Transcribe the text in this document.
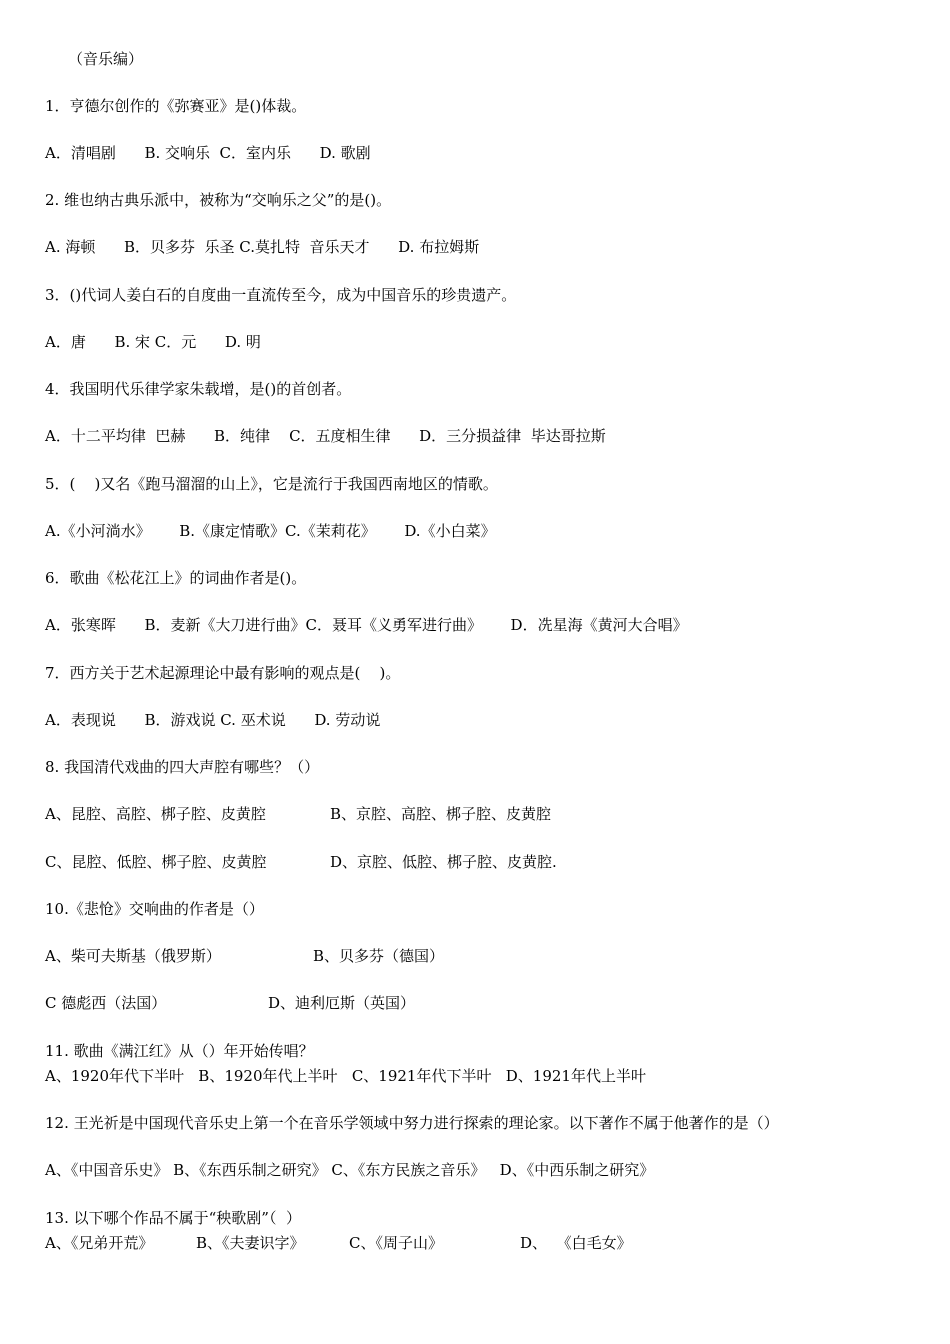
（音乐编）
1．亨德尔创作的《弥赛亚》是()体裁。
A．清唱剧      B. 交响乐  C．室内乐      D. 歌剧
2. 维也纳古典乐派中，被称为“交响乐之父”的是()。
A. 海顿      B．贝多芬  乐圣 C.莫扎特  音乐天才      D. 布拉姆斯
3．()代词人姜白石的自度曲一直流传至今，成为中国音乐的珍贵遗产。
A．唐      B. 宋 C．元      D. 明
4．我国明代乐律学家朱载增，是()的首创者。
A．十二平均律  巴赫      B．纯律    C．五度相生律      D．三分损益律  毕达哥拉斯
5．(    )又名《跑马溜溜的山上》，它是流行于我国西南地区的情歌。
A.《小河淌水》      B.《康定情歌》C.《茉莉花》      D.《小白菜》
6．歌曲《松花江上》的词曲作者是()。
A．张寒晖      B．麦新《大刀进行曲》C．聂耳《义勇军进行曲》      D．冼星海《黄河大合唱》
7．西方关于艺术起源理论中最有影响的观点是(    )。
A．表现说      B．游戏说 C. 巫术说      D. 劳动说
8. 我国清代戏曲的四大声腔有哪些？（）
A、昆腔、高腔、梆子腔、皮黄腔	B、京腔、高腔、梆子腔、皮黄腔
C、昆腔、低腔、梆子腔、皮黄腔	D、京腔、低腔、梆子腔、皮黄腔.
10.《悲怆》交响曲的作者是（）
A、柴可夫斯基（俄罗斯）	B、贝多芬（德国）
C 德彪西（法国）	D、迪利厄斯（英国）
11. 歌曲《满江红》从（）年开始传唱？
A、1920年代下半叶   B、1920年代上半叶   C、1921年代下半叶   D、1921年代上半叶
12. 王光祈是中国现代音乐史上第一个在音乐学领域中努力进行探索的理论家。以下著作不属于他著作的是（）
A、《中国音乐史》 B、《东西乐制之研究》 C、《东方民族之音乐》   D、《中西乐制之研究》
13. 以下哪个作品不属于“秧歌剧”（  ）
A、《兄弟开荒》	B、《夫妻识字》	C、《周子山》	D、  《白毛女》
